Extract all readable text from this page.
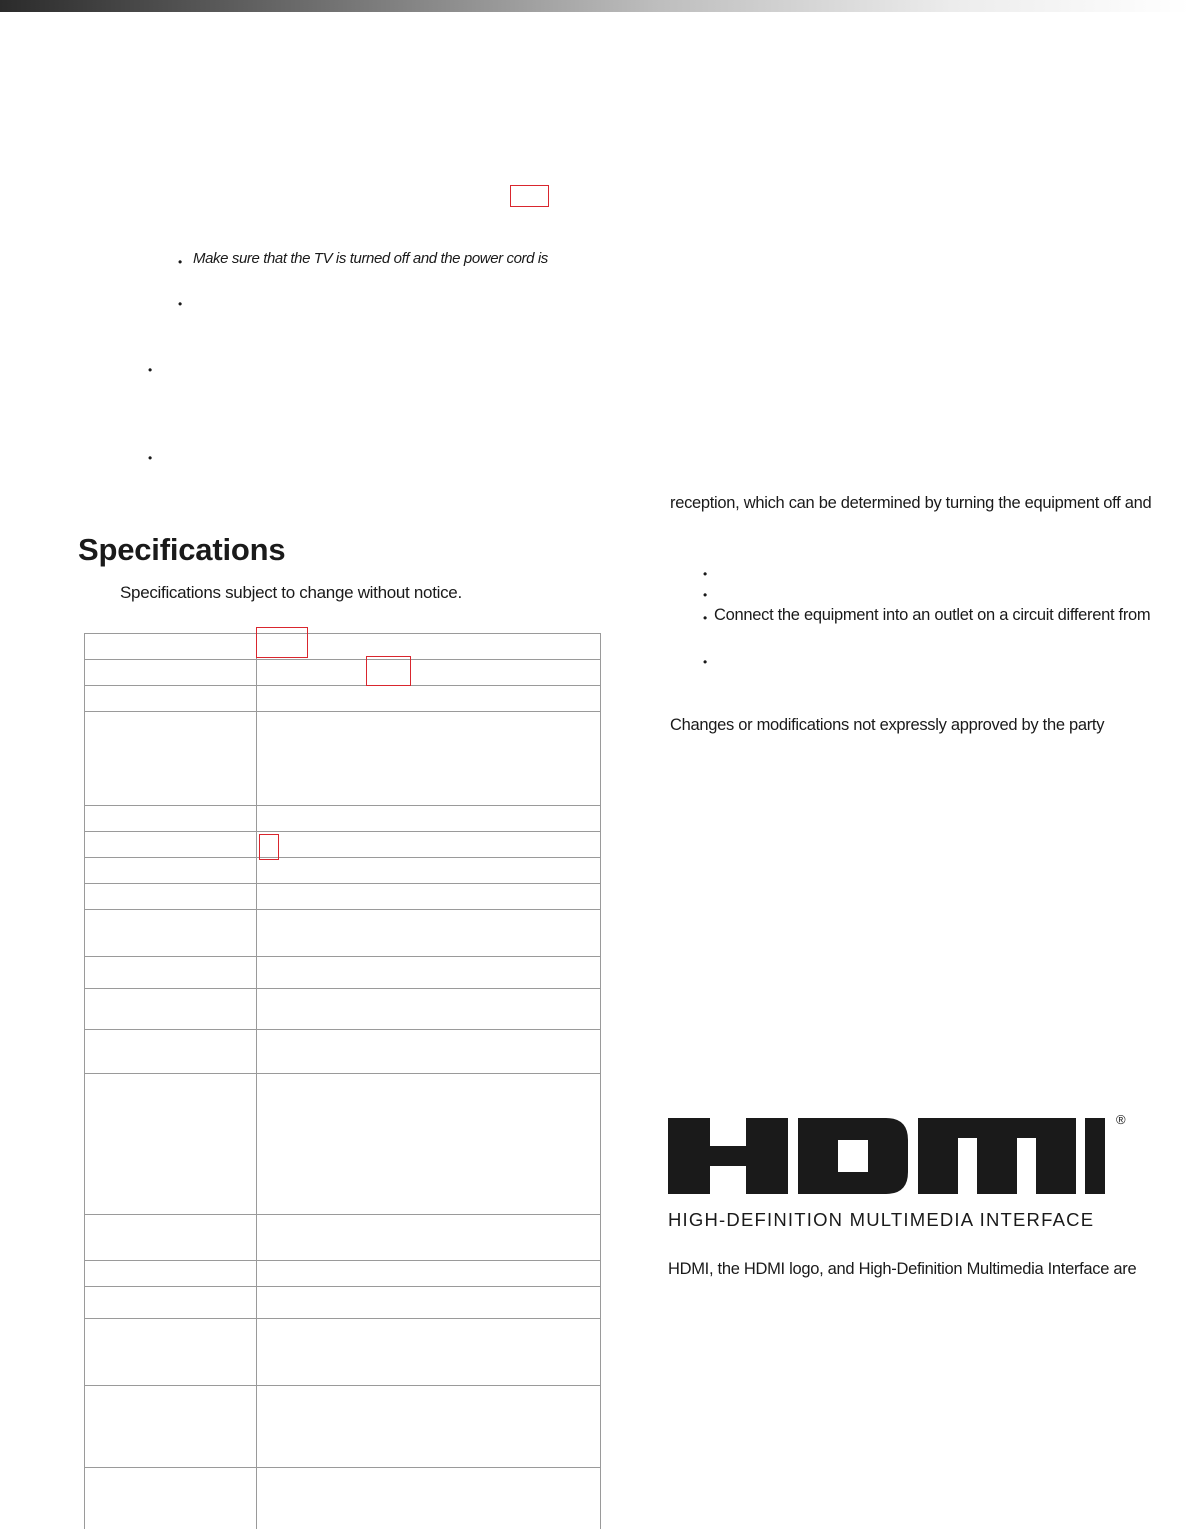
• Make sure that the TV is turned off and the power cord is
•
•
•
Specifications
Specifications subject to change without notice.
reception, which can be determined by turning the equipment off and
•
•
• Connect the equipment into an outlet on a circuit different from
•
Changes or modifications not expressly approved by the party
®
HIGH-DEFINITION MULTIMEDIA INTERFACE
HDMI, the HDMI logo, and High-Definition Multimedia Interface are
